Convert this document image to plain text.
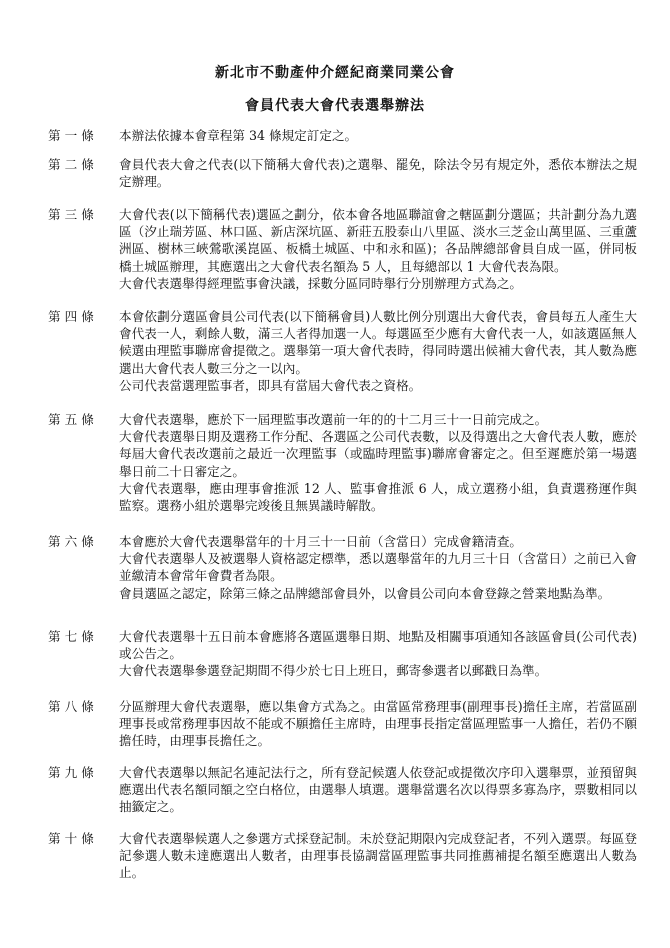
新北市不動產仲介經紀商業同業公會
會員代表大會代表選舉辦法
第 一 條	本辦法依據本會章程第 34 條規定訂定之。

第 二 條	會員代表大會之代表(以下簡稱大會代表)之選舉、罷免，除法令另有規定外，悉依本辦法之規定辦理。

第 三 條	大會代表(以下簡稱代表)選區之劃分，依本會各地區聯誼會之轄區劃分選區；共計劃分為九選區（汐止瑞芳區、林口區、新店深坑區、新莊五股泰山八里區、淡水三芝金山萬里區、三重蘆洲區、樹林三峽鶯歌溪崑區、板橋土城區、中和永和區)；各品牌總部會員自成一區，併同板橋土城區辦理，其應選出之大會代表名額為 5 人，且每總部以 1 大會代表為限。

大會代表選舉得經理監事會決議，採數分區同時舉行分別辦理方式為之。

第 四 條	本會依劃分選區會員公司代表(以下簡稱會員)人數比例分別選出大會代表，會員每五人產生大會代表一人，剩餘人數，滿三人者得加選一人。每選區至少應有大會代表一人，如該選區無人候選由理監事聯席會提徵之。選舉第一項大會代表時，得同時選出候補大會代表，其人數為應選出大會代表人數三分之一以內。

公司代表當選理監事者，即具有當屆大會代表之資格。

第 五 條	大會代表選舉，應於下一屆理監事改選前一年的的十二月三十一日前完成之。

大會代表選舉日期及選務工作分配、各選區之公司代表數，以及得選出之大會代表人數，應於每屆大會代表改選前之最近一次理監事（或臨時理監事)聯席會審定之。但至遲應於第一場選舉日前二十日審定之。

大會代表選舉，應由理事會推派 12 人、監事會推派 6 人，成立選務小組，負責選務運作與監察。選務小組於選舉完竣後且無異議時解散。

第 六 條	本會應於大會代表選舉當年的十月三十一日前（含當日）完成會籍清查。

大會代表選舉人及被選舉人資格認定標準，悉以選舉當年的九月三十日（含當日）之前已入會並繳清本會常年會費者為限。

會員選區之認定，除第三條之品牌總部會員外，以會員公司向本會登錄之營業地點為準。

第 七 條	大會代表選舉十五日前本會應將各選區選舉日期、地點及相關事項通知各該區會員(公司代表)或公告之。

大會代表選舉參選登記期間不得少於七日上班日，郵寄參選者以郵戳日為準。

第 八 條	分區辦理大會代表選舉，應以集會方式為之。由當區常務理事(副理事長)擔任主席，若當區副理事長或常務理事因故不能或不願擔任主席時，由理事長指定當區理監事一人擔任，若仍不願擔任時，由理事長擔任之。

第 九 條	大會代表選舉以無記名連記法行之，所有登記候選人依登記或提徵次序印入選舉票，並預留與應選出代表名額同額之空白格位，由選舉人填選。選舉當選名次以得票多寡為序，票數相同以抽籤定之。

第 十 條	大會代表選舉候選人之參選方式採登記制。未於登記期限內完成登記者，不列入選票。每區登記參選人數未達應選出人數者，由理事長協調當區理監事共同推薦補提名額至應選出人數為止。
